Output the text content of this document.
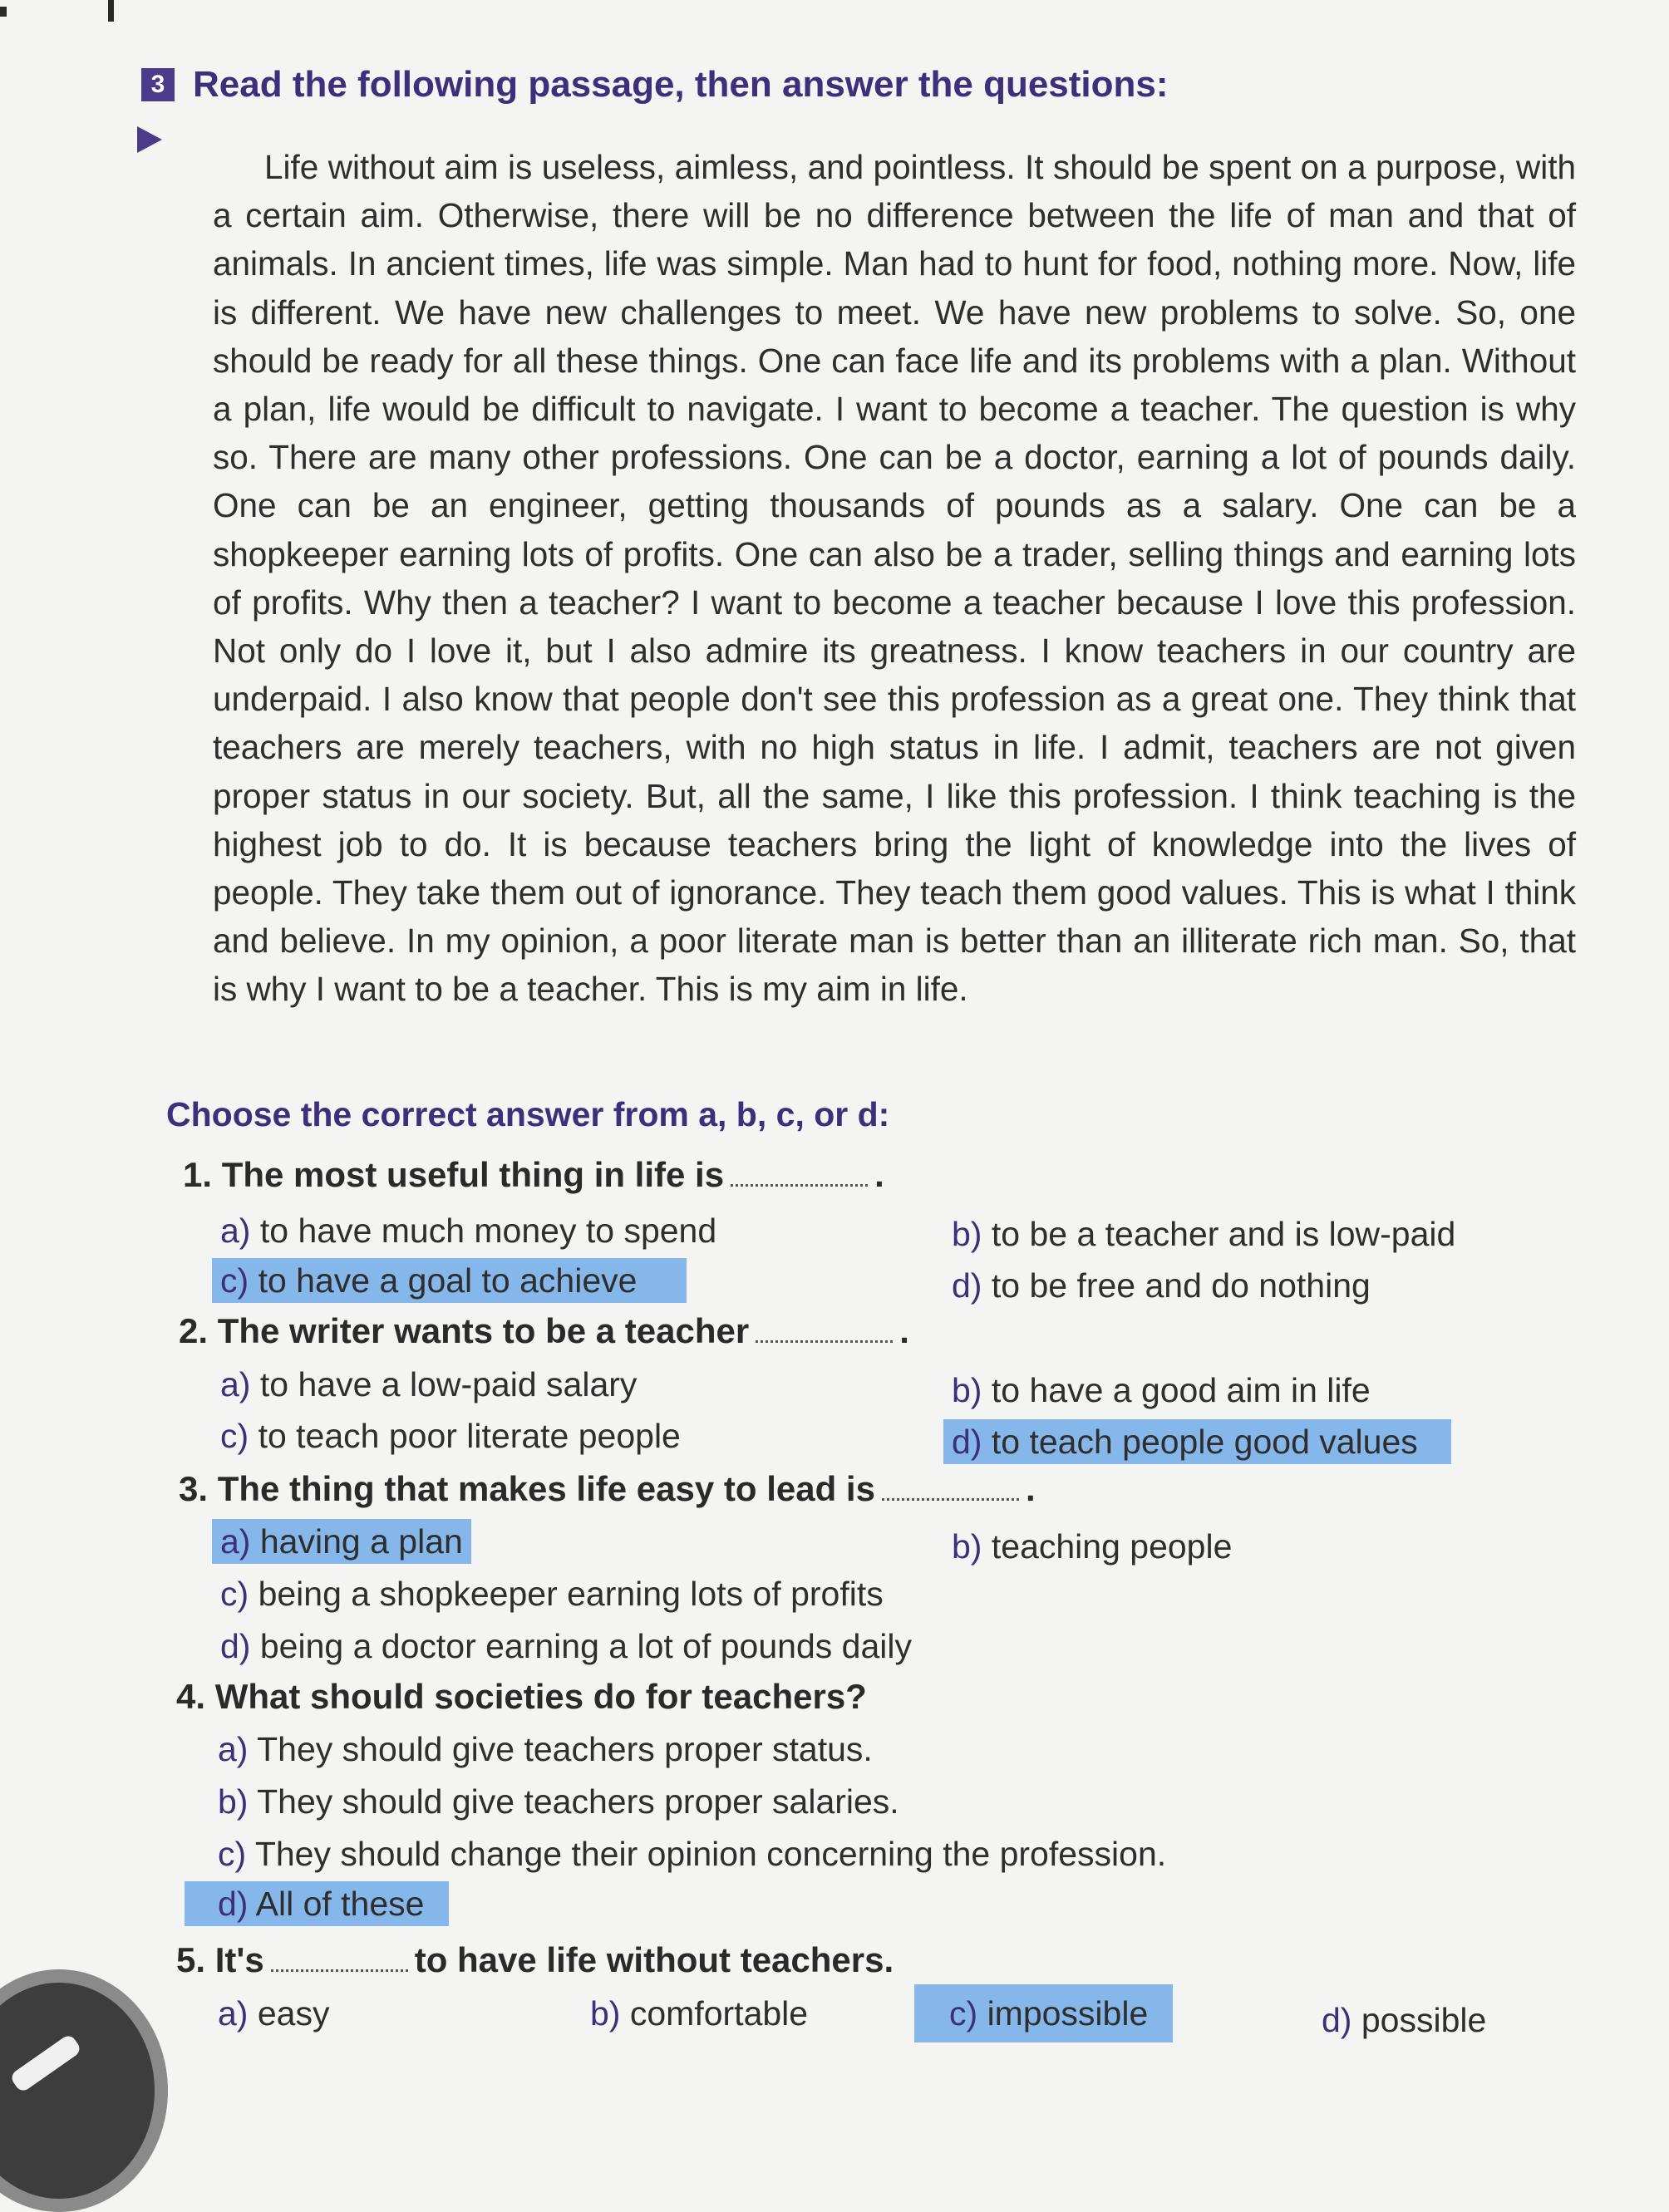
3 Read the following passage, then answer the questions:
Life without aim is useless, aimless, and pointless. It should be spent on a purpose, with a certain aim. Otherwise, there will be no difference between the life of man and that of animals. In ancient times, life was simple. Man had to hunt for food, nothing more. Now, life is different. We have new challenges to meet. We have new problems to solve. So, one should be ready for all these things. One can face life and its problems with a plan. Without a plan, life would be difficult to navigate. I want to become a teacher. The question is why so. There are many other professions. One can be a doctor, earning a lot of pounds daily. One can be an engineer, getting thousands of pounds as a salary. One can be a shopkeeper earning lots of profits. One can also be a trader, selling things and earning lots of profits. Why then a teacher? I want to become a teacher because I love this profession. Not only do I love it, but I also admire its greatness. I know teachers in our country are underpaid. I also know that people don't see this profession as a great one. They think that teachers are merely teachers, with no high status in life. I admit, teachers are not given proper status in our society. But, all the same, I like this profession. I think teaching is the highest job to do. It is because teachers bring the light of knowledge into the lives of people. They take them out of ignorance. They teach them good values. This is what I think and believe. In my opinion, a poor literate man is better than an illiterate rich man. So, that is why I want to be a teacher. This is my aim in life.
Choose the correct answer from a, b, c, or d:
1. The most useful thing in life is	.
a) to have much money to spend	b) to be a teacher and is low-paid
c) to have a goal to achieve	d) to be free and do nothing
2. The writer wants to be a teacher	.
a) to have a low-paid salary	b) to have a good aim in life
c) to teach poor literate people	d) to teach people good values
3. The thing that makes life easy to lead is	.
a) having a plan	b) teaching people
c) being a shopkeeper earning lots of profits
d) being a doctor earning a lot of pounds daily
4. What should societies do for teachers?
a) They should give teachers proper status.
b) They should give teachers proper salaries.
c) They should change their opinion concerning the profession.
d) All of these
5. It's	to have life without teachers.
a) easy	b) comfortable	c) impossible	d) possible
